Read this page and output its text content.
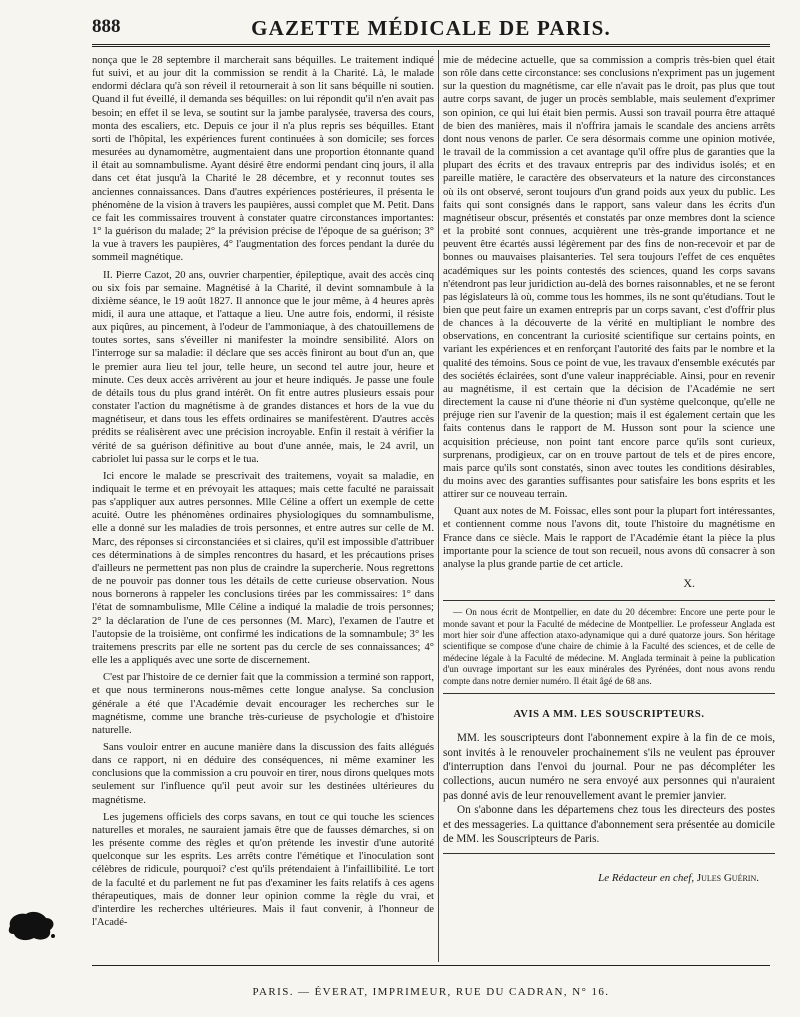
888	GAZETTE MÉDICALE DE PARIS.

nonça que le 28 septembre il marcherait sans béquilles. Le traitement indiqué fut suivi, et au jour dit la commission se rendit à la Charité. Là, le malade endormi déclara qu'à son réveil il retournerait à son lit sans béquille ni soutien. Quand il fut éveillé, il demanda ses béquilles: on lui répondit qu'il n'en avait pas besoin; en effet il se leva, se soutint sur la jambe paralysée, traversa des cours, monta des escaliers, etc. Depuis ce jour il n'a plus repris ses béquilles. Etant sorti de l'hôpital, les expériences furent continuées à son domicile; ses forces mesurées au dynamomètre, augmentaient dans une proportion étonnante quand il était au somnambulisme. Ayant désiré être endormi pendant cinq jours, il alla dans cet état jusqu'à la Charité le 28 décembre, et y reconnut toutes ses anciennes connaissances. Dans d'autres expériences postérieures, il présenta le phénomène de la vision à travers les paupières, aussi complet que M. Petit. Dans ce fait les commissaires trouvent à constater quatre circonstances importantes: 1° la guérison du malade; 2° la prévision précise de l'époque de sa guérison; 3° la vue à travers les paupières, 4° l'augmentation des forces pendant la durée du sommeil magnétique.

II. Pierre Cazot, 20 ans, ouvrier charpentier, épileptique, avait des accès cinq ou six fois par semaine. Magnétisé à la Charité, il devint somnambule à la dixième séance, le 19 août 1827. Il annonce que le jour même, à 4 heures après midi, il aura une attaque, et l'attaque a lieu. Une autre fois, endormi, il résiste aux piqûres, au pincement, à l'odeur de l'ammoniaque, à des chatouillemens de toutes sortes, sans s'éveiller ni manifester la moindre sensibilité. Alors on l'interroge sur sa maladie: il déclare que ses accès finiront au bout d'un an, que le premier aura lieu tel jour, telle heure, un second tel autre jour, heure et minute. Ces deux accès arrivèrent au jour et heure indiqués. Je passe une foule de détails tous du plus grand intérêt. On fit entre autres plusieurs essais pour constater l'action du magnétisme à de grandes distances et hors de la vue du magnétiseur, et dans tous les effets ordinaires se manifestèrent. D'autres accès prédits se réalisèrent avec une précision incroyable. Enfin il restait à vérifier la vérité de sa guérison définitive au bout d'une année, mais, le 24 avril, un cabriolet lui passa sur le corps et le tua.

Ici encore le malade se prescrivait des traitemens, voyait sa maladie, en indiquait le terme et en prévoyait les attaques; mais cette faculté ne paraissait pas s'appliquer aux autres personnes. Mlle Céline a offert un exemple de cette acuité. Outre les phénomènes ordinaires physiologiques du somnambulisme, elle a donné sur les maladies de trois personnes, et entre autres sur celle de M. Marc, des réponses si circonstanciées et si claires, qu'il est impossible d'attribuer ces déterminations à de simples rencontres du hasard, et les précautions prises d'ailleurs ne permettent pas non plus de craindre la supercherie. Nous regrettons de ne pouvoir pas donner tous les détails de cette curieuse observation. Nous nous bornerons à rappeler les conclusions tirées par les commissaires: 1° dans l'état de somnambulisme, Mlle Céline a indiqué la maladie de trois personnes; 2° la déclaration de l'une de ces personnes (M. Marc), l'examen de l'autre et l'autopsie de la troisième, ont confirmé les indications de la somnambule; 3° les traitemens prescrits par elle ne sortent pas du cercle de ses connaissances; 4° elle les a appliqués avec une sorte de discernement.

C'est par l'histoire de ce dernier fait que la commission a terminé son rapport, et que nous terminerons nous-mêmes cette longue analyse. Sa conclusion générale a été que l'Académie devait encourager les recherches sur le magnétisme, comme une branche très-curieuse de psychologie et d'histoire naturelle.

Sans vouloir entrer en aucune manière dans la discussion des faits allégués dans ce rapport, ni en déduire des conséquences, ni même examiner les conclusions que la commission a cru pouvoir en tirer, nous dirons quelques mots seulement sur l'influence qu'il peut avoir sur les destinées ultérieures du magnétisme.

Les jugemens officiels des corps savans, en tout ce qui touche les sciences naturelles et morales, ne sauraient jamais être que de fausses démarches, si on les présente comme des règles et qu'on prétende les investir d'une autorité quelconque sur les esprits. Les arrêts contre l'émétique et l'inoculation sont célèbres de ridicule, pourquoi? c'est qu'ils prétendaient à l'infaillibilité. Le tort de la faculté et du parlement ne fut pas d'examiner les faits relatifs à ces agens thérapeutiques, mais de donner leur opinion comme la règle du vrai, et d'interdire les recherches ultérieures. Mais il faut convenir, à l'honneur de l'Acadé-

mie de médecine actuelle, que sa commission a compris très-bien quel était son rôle dans cette circonstance: ses conclusions n'expriment pas un jugement sur la question du magnétisme, car elle n'avait pas le droit, pas plus que tout autre corps savant, de juger un procès semblable, mais seulement d'exprimer son opinion, ce qui lui était bien permis. Aussi son travail pourra être attaqué de bien des manières, mais il n'offrira jamais le scandale des anciens arrêts dont nous venons de parler. Ce sera désormais comme une opinion motivée, le travail de la commission a cet avantage qu'il offre plus de garanties que la plupart des écrits et des travaux entrepris par des individus isolés; et en pareille matière, le caractère des observateurs et la nature des circonstances où ils ont observé, seront toujours d'un grand poids aux yeux du public. Les faits qui sont consignés dans le rapport, sans valeur dans les écrits d'un magnétiseur obscur, présentés et constatés par onze membres dont la science et la probité sont connues, acquièrent une très-grande importance et ne peuvent être écartés aussi légèrement par des fins de non-recevoir et par de bonnes ou mauvaises plaisanteries. Tel sera toujours l'effet de ces enquêtes académiques sur les points contestés des sciences, quand les corps savans n'étendront pas leur juridiction au-delà des bornes raisonnables, et ne se feront pas législateurs là où, comme tous les hommes, ils ne sont qu'étudians. Tout le bien que peut faire un examen entrepris par un corps savant, c'est d'offrir plus de chances à la découverte de la vérité en multipliant le nombre des observations, en concentrant la curiosité scientifique sur certains points, en variant les expériences et en renforçant l'autorité des faits par le nombre et la qualité des témoins. Sous ce point de vue, les travaux d'ensemble exécutés par des sociétés éclairées, sont d'une valeur inappréciable. Ainsi, pour en revenir au magnétisme, il est certain que la décision de l'Académie ne sert directement la cause ni d'une théorie ni d'un système quelconque, qu'elle ne préjuge rien sur l'avenir de la question; mais il est également certain que les faits contenus dans le rapport de M. Husson sont pour la science une acquisition précieuse, non point tant encore parce qu'ils sont curieux, surprenans, prodigieux, car on en trouve partout de tels et de pires encore, mais parce qu'ils sont constatés, sinon avec toutes les conditions désirables, du moins avec des garanties suffisantes pour satisfaire les bons esprits et les attirer sur ce nouveau terrain.

Quant aux notes de M. Foissac, elles sont pour la plupart fort intéressantes, et contiennent comme nous l'avons dit, toute l'histoire du magnétisme en France dans ce siècle. Mais le rapport de l'Académie étant la pièce la plus importante pour la science de tout son recueil, nous avons dû consacrer à son analyse la plus grande partie de cet article.

X.

— On nous écrit de Montpellier, en date du 20 décembre: Encore une perte pour le monde savant et pour la Faculté de médecine de Montpellier. Le professeur Anglada est mort hier soir d'une affection ataxo-adynamique qui a duré quatorze jours. Son héritage scientifique se compose d'une chaire de chimie à la Faculté des sciences, et de celle de médecine légale à la Faculté de médecine. M. Anglada terminait à peine la publication d'un ouvrage important sur les eaux minérales des Pyrénées, dont nous avons rendu compte dans notre dernier numéro. Il était âgé de 68 ans.

AVIS A MM. LES SOUSCRIPTEURS.

MM. les souscripteurs dont l'abonnement expire à la fin de ce mois, sont invités à le renouveler prochainement s'ils ne veulent pas éprouver d'interruption dans l'envoi du journal. Pour ne pas décompléter les collections, aucun numéro ne sera envoyé aux personnes qui n'auraient pas donné avis de leur renouvellement avant le premier janvier.

On s'abonne dans les départemens chez tous les directeurs des postes et des messageries. La quittance d'abonnement sera présentée au domicile de MM. les Souscripteurs de Paris.

Le Rédacteur en chef, Jules Guérin.
PARIS. — ÉVERAT, IMPRIMEUR, RUE DU CADRAN, N° 16.
